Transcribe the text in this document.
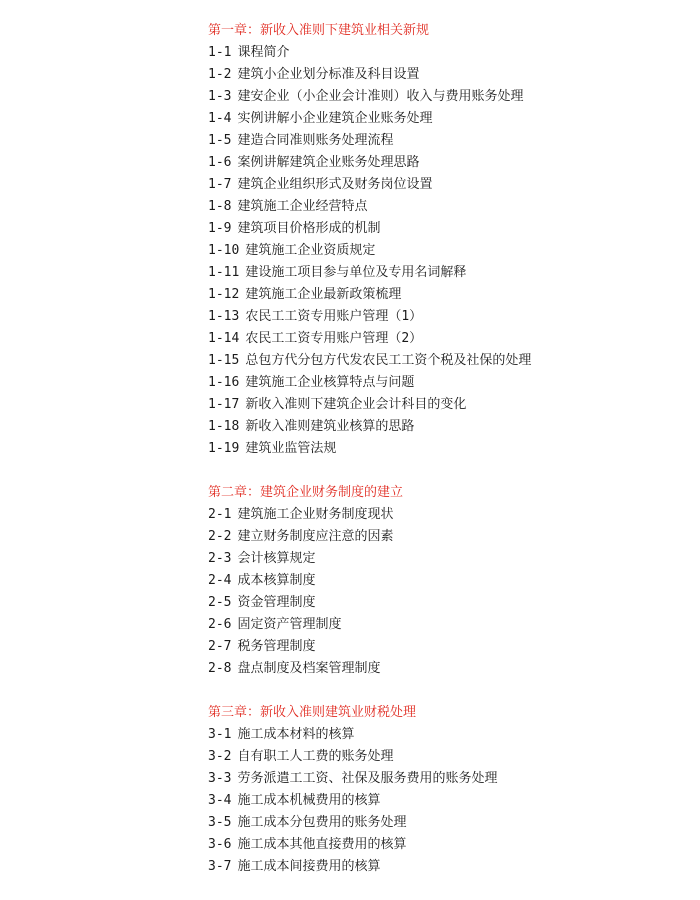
第一章：新收入准则下建筑业相关新规
1-1 课程简介
1-2 建筑小企业划分标准及科目设置
1-3 建安企业（小企业会计准则）收入与费用账务处理
1-4 实例讲解小企业建筑企业账务处理
1-5 建造合同准则账务处理流程
1-6 案例讲解建筑企业账务处理思路
1-7 建筑企业组织形式及财务岗位设置
1-8 建筑施工企业经营特点
1-9 建筑项目价格形成的机制
1-10 建筑施工企业资质规定
1-11 建设施工项目参与单位及专用名词解释
1-12 建筑施工企业最新政策梳理
1-13 农民工工资专用账户管理（1）
1-14 农民工工资专用账户管理（2）
1-15 总包方代分包方代发农民工工资个税及社保的处理
1-16 建筑施工企业核算特点与问题
1-17 新收入准则下建筑企业会计科目的变化
1-18 新收入准则建筑业核算的思路
1-19 建筑业监管法规
第二章：建筑企业财务制度的建立
2-1 建筑施工企业财务制度现状
2-2 建立财务制度应注意的因素
2-3 会计核算规定
2-4 成本核算制度
2-5 资金管理制度
2-6 固定资产管理制度
2-7 税务管理制度
2-8 盘点制度及档案管理制度
第三章：新收入准则建筑业财税处理
3-1 施工成本材料的核算
3-2 自有职工人工费的账务处理
3-3 劳务派遣工工资、社保及服务费用的账务处理
3-4 施工成本机械费用的核算
3-5 施工成本分包费用的账务处理
3-6 施工成本其他直接费用的核算
3-7 施工成本间接费用的核算
